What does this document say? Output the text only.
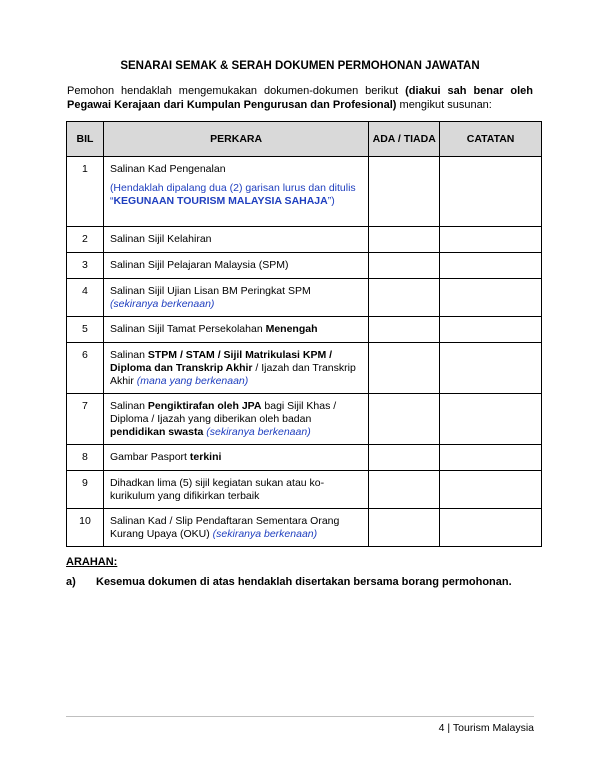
SENARAI SEMAK & SERAH DOKUMEN PERMOHONAN JAWATAN
Pemohon hendaklah mengemukakan dokumen-dokumen berikut (diakui sah benar oleh Pegawai Kerajaan dari Kumpulan Pengurusan dan Profesional) mengikut susunan:
BIL	PERKARA	ADA / TIADA	CATATAN
1	Salinan Kad Pengenalan
(Hendaklah dipalang dua (2) garisan lurus dan ditulis “KEGUNAAN TOURISM MALAYSIA SAHAJA”)		

2	Salinan Sijil Kelahiran		
3	Salinan Sijil Pelajaran Malaysia (SPM)		
4	Salinan Sijil Ujian Lisan BM Peringkat SPM
(sekiranya berkenaan)		
5	Salinan Sijil Tamat Persekolahan Menengah		
6	Salinan STPM / STAM / Sijil Matrikulasi KPM / Diploma dan Transkrip Akhir / Ijazah dan Transkrip Akhir (mana yang berkenaan)		
7	Salinan Pengiktirafan oleh JPA bagi Sijil Khas / Diploma / Ijazah yang diberikan oleh badan pendidikan swasta (sekiranya berkenaan)		
8	Gambar Pasport terkini		
9	Dihadkan lima (5) sijil kegiatan sukan atau ko-kurikulum yang difikirkan terbaik		
10	Salinan Kad / Slip Pendaftaran Sementara Orang Kurang Upaya (OKU) (sekiranya berkenaan)		
ARAHAN:
a) Kesemua dokumen di atas hendaklah disertakan bersama borang permohonan.
4 | Tourism Malaysia
